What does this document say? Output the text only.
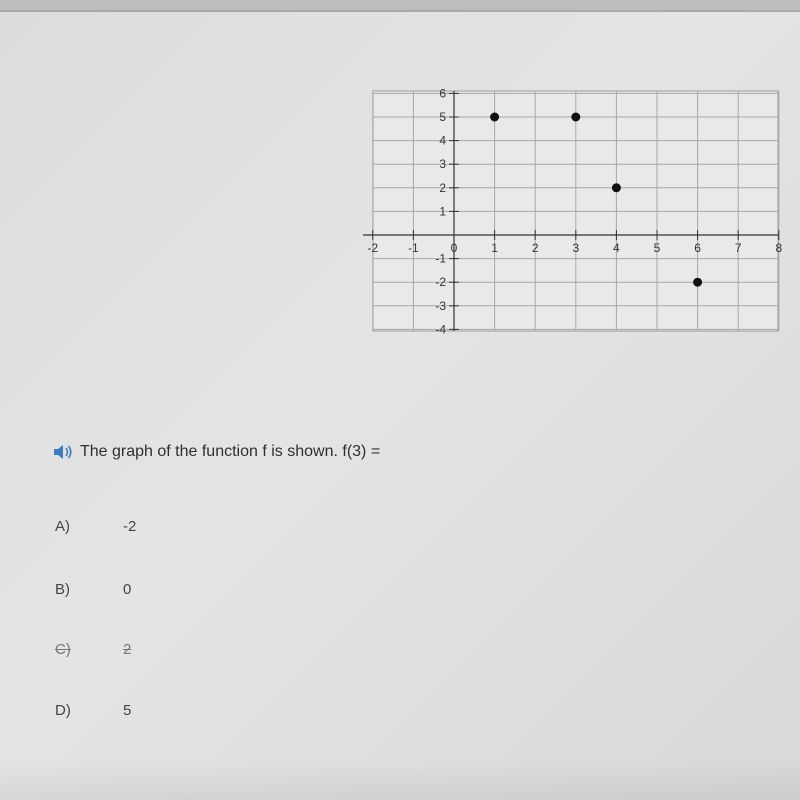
-2 -1	0	1	2	3	4	5	6	7	8
6
5
4
3
2
1
-1
-2
-3
-4
The graph of the function f is shown. f(3) =
A)	-2
B)	0
C)	2
D)	5
